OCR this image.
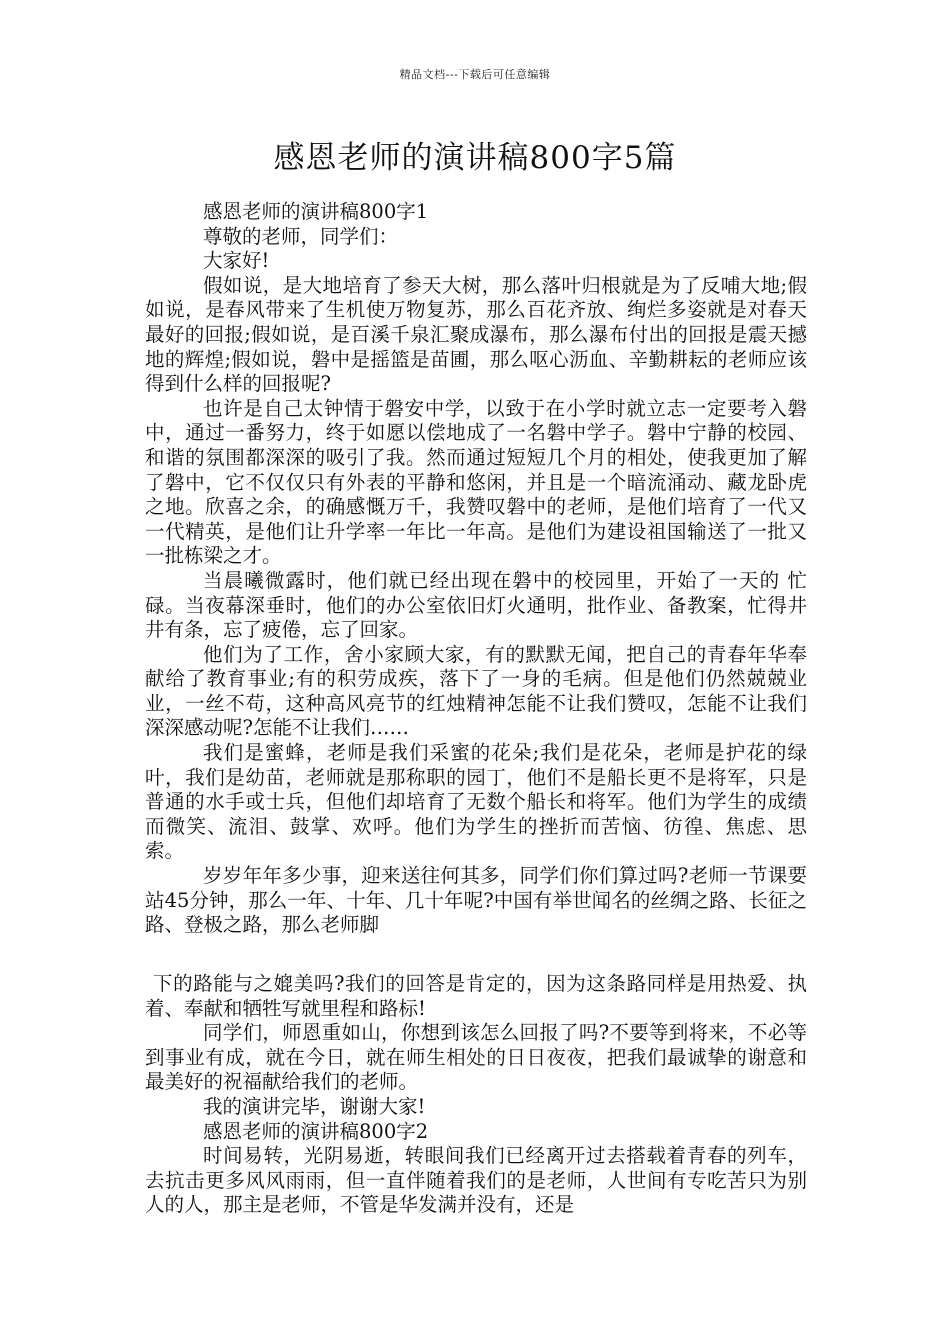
精品文档---下载后可任意编辑
感恩老师的演讲稿800字5篇

感恩老师的演讲稿800字1

尊敬的老师，同学们：

大家好!

假如说，是大地培育了参天大树，那么落叶归根就是为了反哺大地;假如说，是春风带来了生机使万物复苏，那么百花齐放、绚烂多姿就是对春天最好的回报;假如说，是百溪千泉汇聚成瀑布，那么瀑布付出的回报是震天撼地的辉煌;假如说，磐中是摇篮是苗圃，那么呕心沥血、辛勤耕耘的老师应该得到什么样的回报呢?

也许是自己太钟情于磐安中学，以致于在小学时就立志一定要考入磐中，通过一番努力，终于如愿以偿地成了一名磐中学子。磐中宁静的校园、和谐的氛围都深深的吸引了我。然而通过短短几个月的相处，使我更加了解了磐中，它不仅仅只有外表的平静和悠闲，并且是一个暗流涌动、藏龙卧虎之地。欣喜之余，的确感慨万千，我赞叹磐中的老师，是他们培育了一代又一代精英，是他们让升学率一年比一年高。是他们为建设祖国输送了一批又一批栋梁之才。

当晨曦微露时，他们就已经出现在磐中的校园里，开始了一天的 忙碌。当夜幕深垂时，他们的办公室依旧灯火通明，批作业、备教案，忙得井井有条，忘了疲倦，忘了回家。

他们为了工作，舍小家顾大家，有的默默无闻，把自己的青春年华奉献给了教育事业;有的积劳成疾，落下了一身的毛病。但是他们仍然兢兢业业，一丝不苟，这种高风亮节的红烛精神怎能不让我们赞叹，怎能不让我们深深感动呢?怎能不让我们……

我们是蜜蜂，老师是我们采蜜的花朵;我们是花朵，老师是护花的绿叶，我们是幼苗，老师就是那称职的园丁，他们不是船长更不是将军，只是普通的水手或士兵，但他们却培育了无数个船长和将军。他们为学生的成绩而微笑、流泪、鼓掌、欢呼。他们为学生的挫折而苦恼、彷徨、焦虑、思索。

岁岁年年多少事，迎来送往何其多，同学们你们算过吗?老师一节课要站45分钟，那么一年、十年、几十年呢?中国有举世闻名的丝绸之路、长征之路、登极之路，那么老师脚

下的路能与之媲美吗?我们的回答是肯定的，因为这条路同样是用热爱、执着、奉献和牺牲写就里程和路标!

同学们，师恩重如山，你想到该怎么回报了吗?不要等到将来，不必等到事业有成，就在今日，就在师生相处的日日夜夜，把我们最诚挚的谢意和最美好的祝福献给我们的老师。

我的演讲完毕，谢谢大家!

感恩老师的演讲稿800字2

时间易转，光阴易逝，转眼间我们已经离开过去搭载着青春的列车，去抗击更多风风雨雨，但一直伴随着我们的是老师，人世间有专吃苦只为别人的人，那主是老师，不管是华发满并没有，还是
